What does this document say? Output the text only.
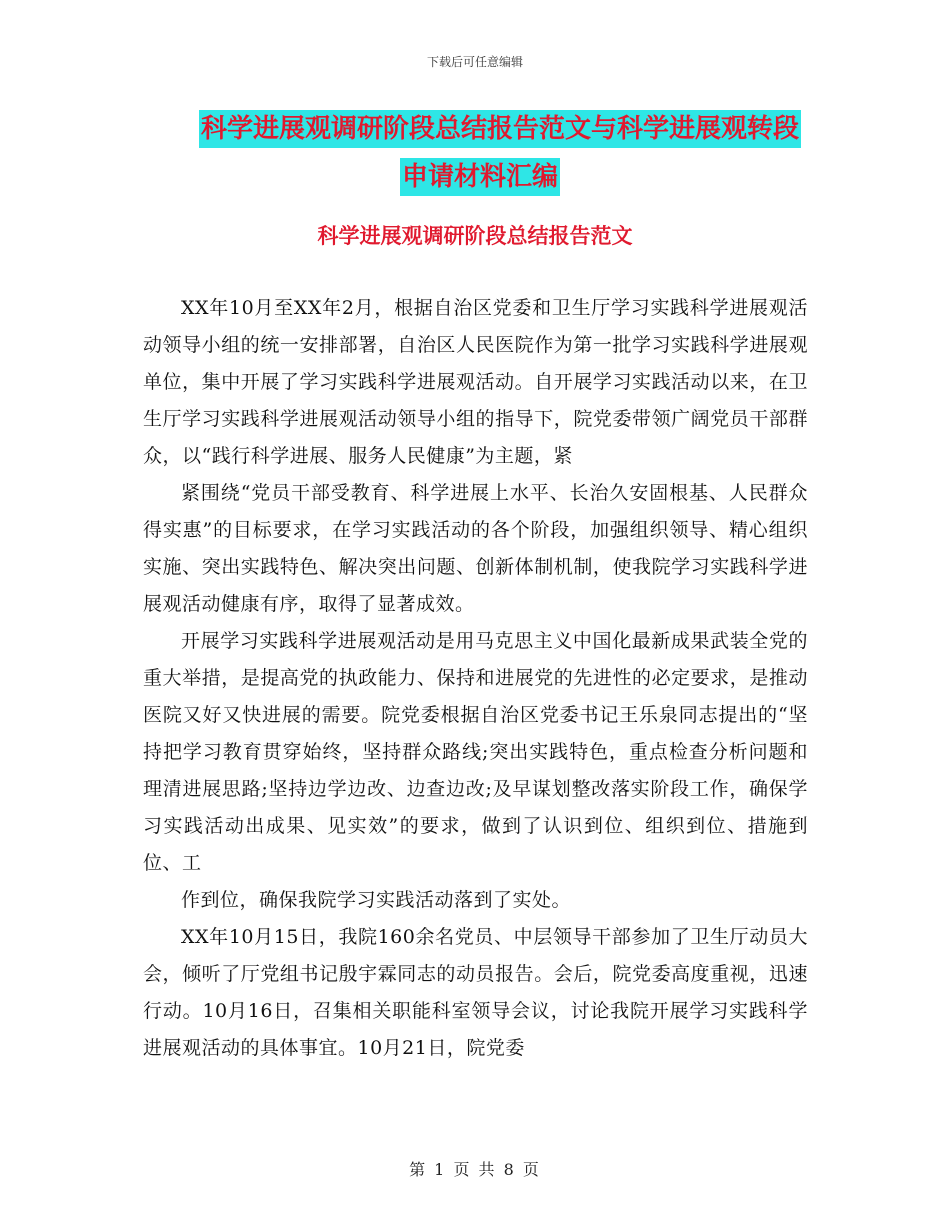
下载后可任意编辑
科学进展观调研阶段总结报告范文与科学进展观转段
申请材料汇编
科学进展观调研阶段总结报告范文

XX年10月至XX年2月，根据自治区党委和卫生厅学习实践科学进展观活动领导小组的统一安排部署，自治区人民医院作为第一批学习实践科学进展观单位，集中开展了学习实践科学进展观活动。自开展学习实践活动以来，在卫生厅学习实践科学进展观活动领导小组的指导下，院党委带领广阔党员干部群众，以“践行科学进展、服务人民健康”为主题，紧

紧围绕“党员干部受教育、科学进展上水平、长治久安固根基、人民群众得实惠”的目标要求，在学习实践活动的各个阶段，加强组织领导、精心组织实施、突出实践特色、解决突出问题、创新体制机制，使我院学习实践科学进展观活动健康有序，取得了显著成效。

开展学习实践科学进展观活动是用马克思主义中国化最新成果武装全党的重大举措，是提高党的执政能力、保持和进展党的先进性的必定要求，是推动医院又好又快进展的需要。院党委根据自治区党委书记王乐泉同志提出的“坚持把学习教育贯穿始终，坚持群众路线;突出实践特色，重点检查分析问题和理清进展思路;坚持边学边改、边查边改;及早谋划整改落实阶段工作，确保学习实践活动出成果、见实效”的要求，做到了认识到位、组织到位、措施到位、工

作到位，确保我院学习实践活动落到了实处。

XX年10月15日，我院160余名党员、中层领导干部参加了卫生厅动员大会，倾听了厅党组书记殷宇霖同志的动员报告。会后，院党委高度重视，迅速行动。10月16日，召集相关职能科室领导会议，讨论我院开展学习实践科学进展观活动的具体事宜。10月21日，院党委

第 1 页 共 8 页
